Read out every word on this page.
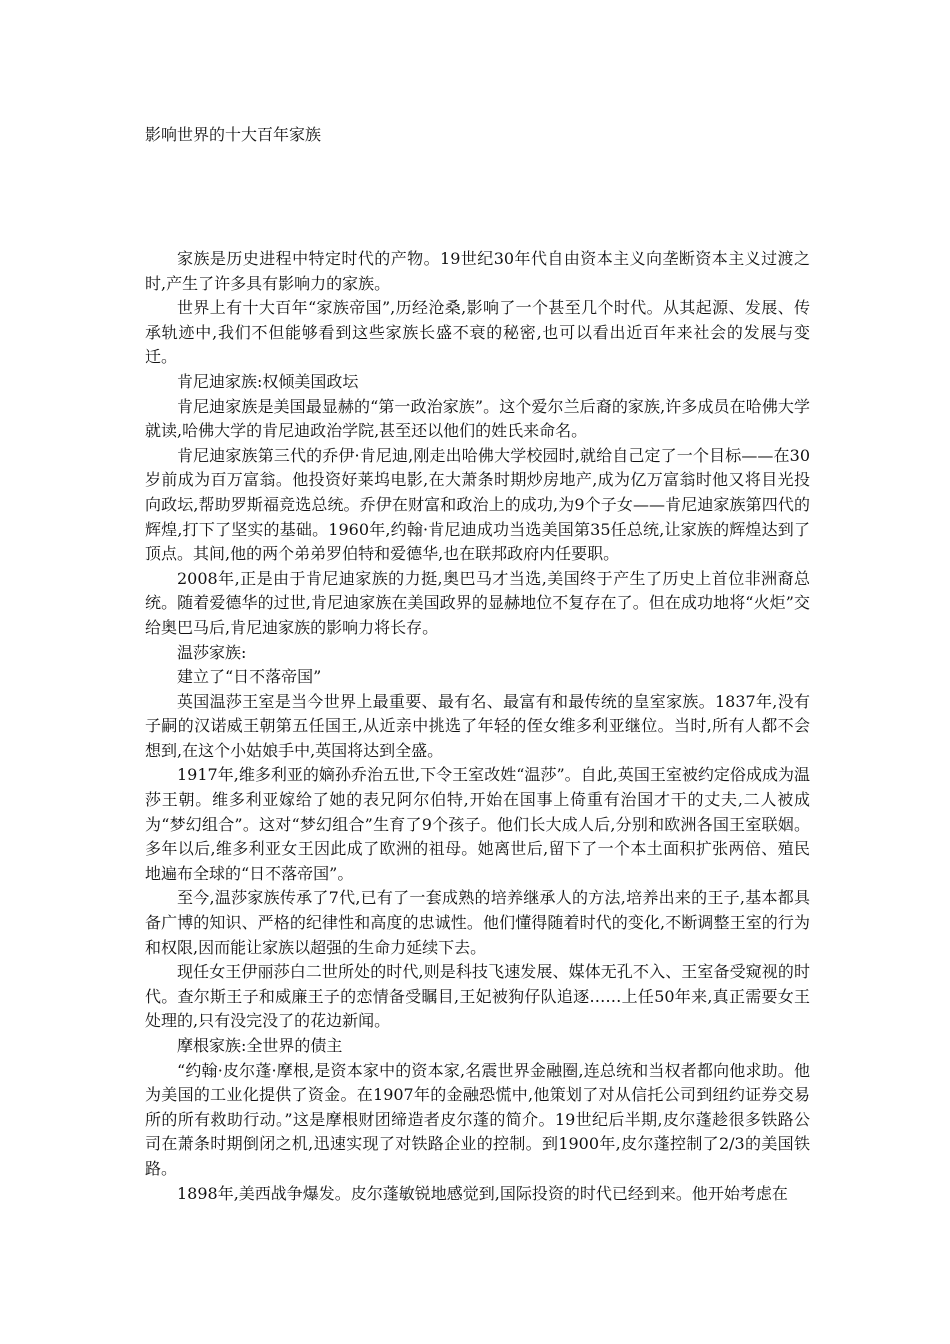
影响世界的十大百年家族

家族是历史进程中特定时代的产物。19世纪30年代自由资本主义向垄断资本主义过渡之时,产生了许多具有影响力的家族。

世界上有十大百年“家族帝国”,历经沧桑,影响了一个甚至几个时代。从其起源、发展、传承轨迹中,我们不但能够看到这些家族长盛不衰的秘密,也可以看出近百年来社会的发展与变迁。

肯尼迪家族:权倾美国政坛

肯尼迪家族是美国最显赫的“第一政治家族”。这个爱尔兰后裔的家族,许多成员在哈佛大学就读,哈佛大学的肯尼迪政治学院,甚至还以他们的姓氏来命名。

肯尼迪家族第三代的乔伊·肯尼迪,刚走出哈佛大学校园时,就给自己定了一个目标——在30岁前成为百万富翁。他投资好莱坞电影,在大萧条时期炒房地产,成为亿万富翁时他又将目光投向政坛,帮助罗斯福竞选总统。乔伊在财富和政治上的成功,为9个子女——肯尼迪家族第四代的辉煌,打下了坚实的基础。1960年,约翰·肯尼迪成功当选美国第35任总统,让家族的辉煌达到了顶点。其间,他的两个弟弟罗伯特和爱德华,也在联邦政府内任要职。

2008年,正是由于肯尼迪家族的力挺,奥巴马才当选,美国终于产生了历史上首位非洲裔总统。随着爱德华的过世,肯尼迪家族在美国政界的显赫地位不复存在了。但在成功地将“火炬”交给奥巴马后,肯尼迪家族的影响力将长存。

温莎家族:

建立了“日不落帝国”

英国温莎王室是当今世界上最重要、最有名、最富有和最传统的皇室家族。1837年,没有子嗣的汉诺威王朝第五任国王,从近亲中挑选了年轻的侄女维多利亚继位。当时,所有人都不会想到,在这个小姑娘手中,英国将达到全盛。

1917年,维多利亚的嫡孙乔治五世,下令王室改姓“温莎”。自此,英国王室被约定俗成成为温莎王朝。维多利亚嫁给了她的表兄阿尔伯特,开始在国事上倚重有治国才干的丈夫,二人被成为“梦幻组合”。这对“梦幻组合”生育了9个孩子。他们长大成人后,分别和欧洲各国王室联姻。多年以后,维多利亚女王因此成了欧洲的祖母。她离世后,留下了一个本土面积扩张两倍、殖民地遍布全球的“日不落帝国”。

至今,温莎家族传承了7代,已有了一套成熟的培养继承人的方法,培养出来的王子,基本都具备广博的知识、严格的纪律性和高度的忠诚性。他们懂得随着时代的变化,不断调整王室的行为和权限,因而能让家族以超强的生命力延续下去。

现任女王伊丽莎白二世所处的时代,则是科技飞速发展、媒体无孔不入、王室备受窥视的时代。查尔斯王子和威廉王子的恋情备受瞩目,王妃被狗仔队追逐……上任50年来,真正需要女王处理的,只有没完没了的花边新闻。

摩根家族:全世界的债主

“约翰·皮尔蓬·摩根,是资本家中的资本家,名震世界金融圈,连总统和当权者都向他求助。他为美国的工业化提供了资金。在1907年的金融恐慌中,他策划了对从信托公司到纽约证券交易所的所有救助行动。”这是摩根财团缔造者皮尔蓬的简介。19世纪后半期,皮尔蓬趁很多铁路公司在萧条时期倒闭之机,迅速实现了对铁路企业的控制。到1900年,皮尔蓬控制了2/3的美国铁路。

1898年,美西战争爆发。皮尔蓬敏锐地感觉到,国际投资的时代已经到来。他开始考虑在
